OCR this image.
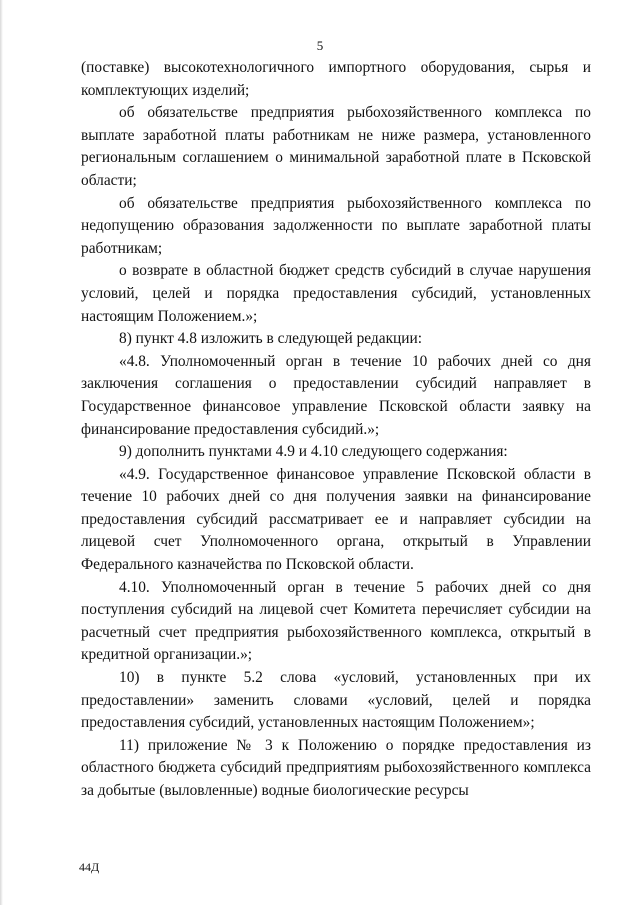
5

(поставке) высокотехнологичного импортного оборудования, сырья и комплектующих изделий;

об обязательстве предприятия рыбохозяйственного комплекса по выплате заработной платы работникам не ниже размера, установленного региональным соглашением о минимальной заработной плате в Псковской области;

об обязательстве предприятия рыбохозяйственного комплекса по недопущению образования задолженности по выплате заработной платы работникам;

о возврате в областной бюджет средств субсидий в случае нарушения условий, целей и порядка предоставления субсидий, установленных настоящим Положением.»;

8) пункт 4.8 изложить в следующей редакции:

«4.8. Уполномоченный орган в течение 10 рабочих дней со дня заключения соглашения о предоставлении субсидий направляет в Государственное финансовое управление Псковской области заявку на финансирование предоставления субсидий.»;

9) дополнить пунктами 4.9 и 4.10 следующего содержания:

«4.9. Государственное финансовое управление Псковской области в течение 10 рабочих дней со дня получения заявки на финансирование предоставления субсидий рассматривает ее и направляет субсидии на лицевой счет Уполномоченного органа, открытый в Управлении Федерального казначейства по Псковской области.

4.10. Уполномоченный орган в течение 5 рабочих дней со дня поступления субсидий на лицевой счет Комитета перечисляет субсидии на расчетный счет предприятия рыбохозяйственного комплекса, открытый в кредитной организации.»;

10) в пункте 5.2 слова «условий, установленных при их предоставлении» заменить словами «условий, целей и порядка предоставления субсидий, установленных настоящим Положением»;

11) приложение № 3 к Положению о порядке предоставления из областного бюджета субсидий предприятиям рыбохозяйственного комплекса за добытые (выловленные) водные биологические ресурсы

44Д
